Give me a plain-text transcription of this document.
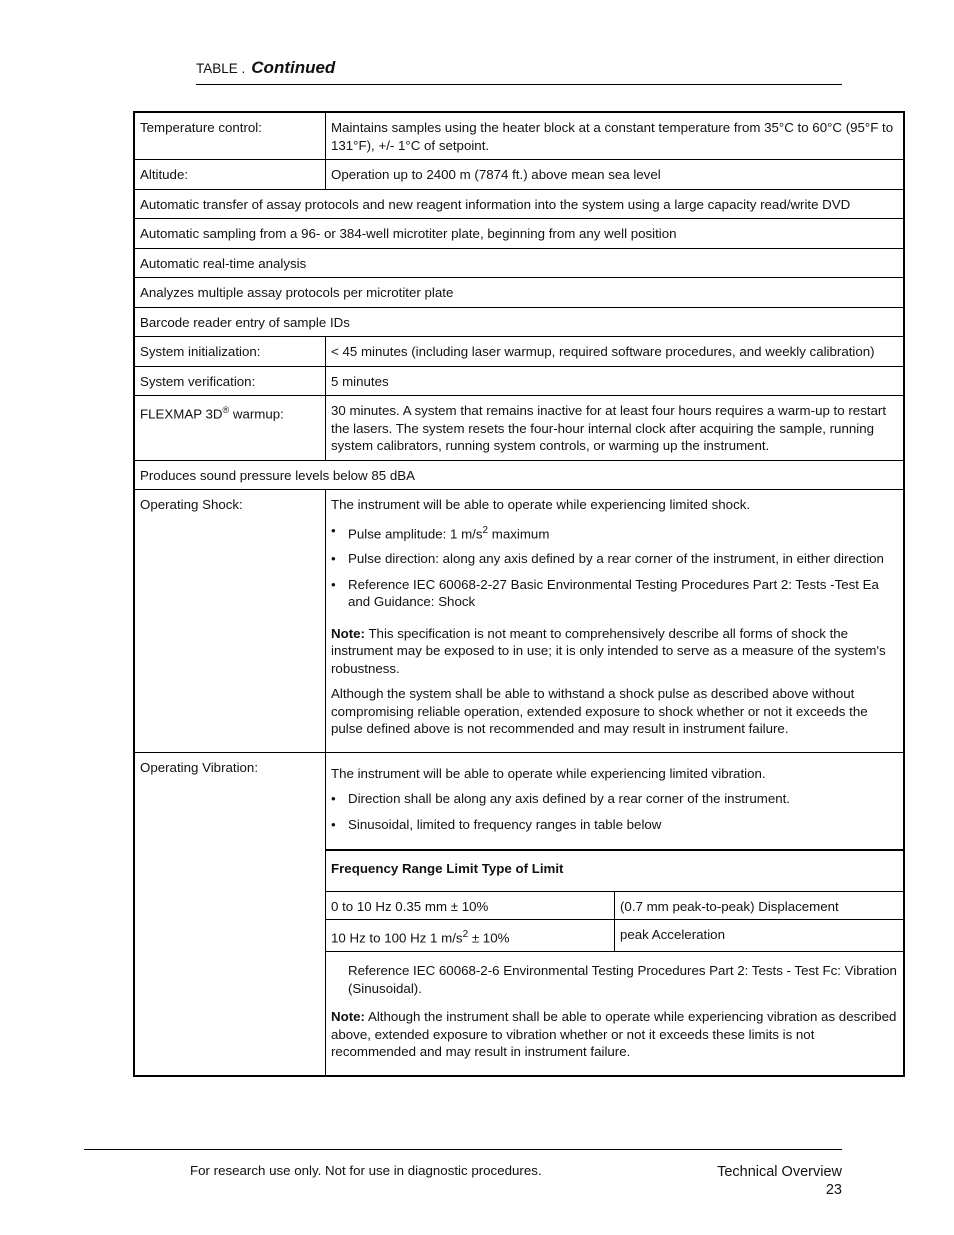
TABLE . Continued
Temperature control:	Maintains samples using the heater block at a constant temperature from 35°C to 60°C (95°F to 131°F), +/- 1°C of setpoint.
Altitude:	Operation up to 2400 m (7874 ft.) above mean sea level
Automatic transfer of assay protocols and new reagent information into the system using a large capacity read/write DVD
Automatic sampling from a 96- or 384-well microtiter plate, beginning from any well position
Automatic real-time analysis
Analyzes multiple assay protocols per microtiter plate
Barcode reader entry of sample IDs
System initialization:	< 45 minutes (including laser warmup, required software procedures, and weekly calibration)
System verification:	5 minutes
FLEXMAP 3D® warmup:	30 minutes. A system that remains inactive for at least four hours requires a warm-up to restart the lasers. The system resets the four-hour internal clock after acquiring the sample, running system calibrators, running system controls, or warming up the instrument.
Produces sound pressure levels below 85 dBA
Operating Shock:	The instrument will be able to operate while experiencing limited shock.

• Pulse amplitude: 1 $m/s^2$ maximum
• Pulse direction: along any axis defined by a rear corner of the instrument, in either direction
• Reference IEC 60068-2-27 Basic Environmental Testing Procedures Part 2: Tests -Test Ea and Guidance: Shock

Note: This specification is not meant to comprehensively describe all forms of shock the instrument may be exposed to in use; it is only intended to serve as a measure of the system's robustness.

Although the system shall be able to withstand a shock pulse as described above without compromising reliable operation, extended exposure to shock whether or not it exceeds the pulse defined above is not recommended and may result in instrument failure.

Operating Vibration:	The instrument will be able to operate while experiencing limited vibration.

• Direction shall be along any axis defined by a rear corner of the instrument.
• Sinusoidal, limited to frequency ranges in table below
Frequency Range Limit Type of Limit
0 to 10 Hz 0.35 mm ± 10%	(0.7 mm peak-to-peak) Displacement
10 Hz to 100 Hz 1 $m/s^2 \pm 10\%$	peak Acceleration

Reference IEC 60068-2-6 Environmental Testing Procedures Part 2: Tests - Test Fc: Vibration (Sinusoidal).

Note: Although the instrument shall be able to operate while experiencing vibration as described above, extended exposure to vibration whether or not it exceeds these limits is not recommended and may result in instrument failure.

For research use only. Not for use in diagnostic procedures.	Technical Overview
23
